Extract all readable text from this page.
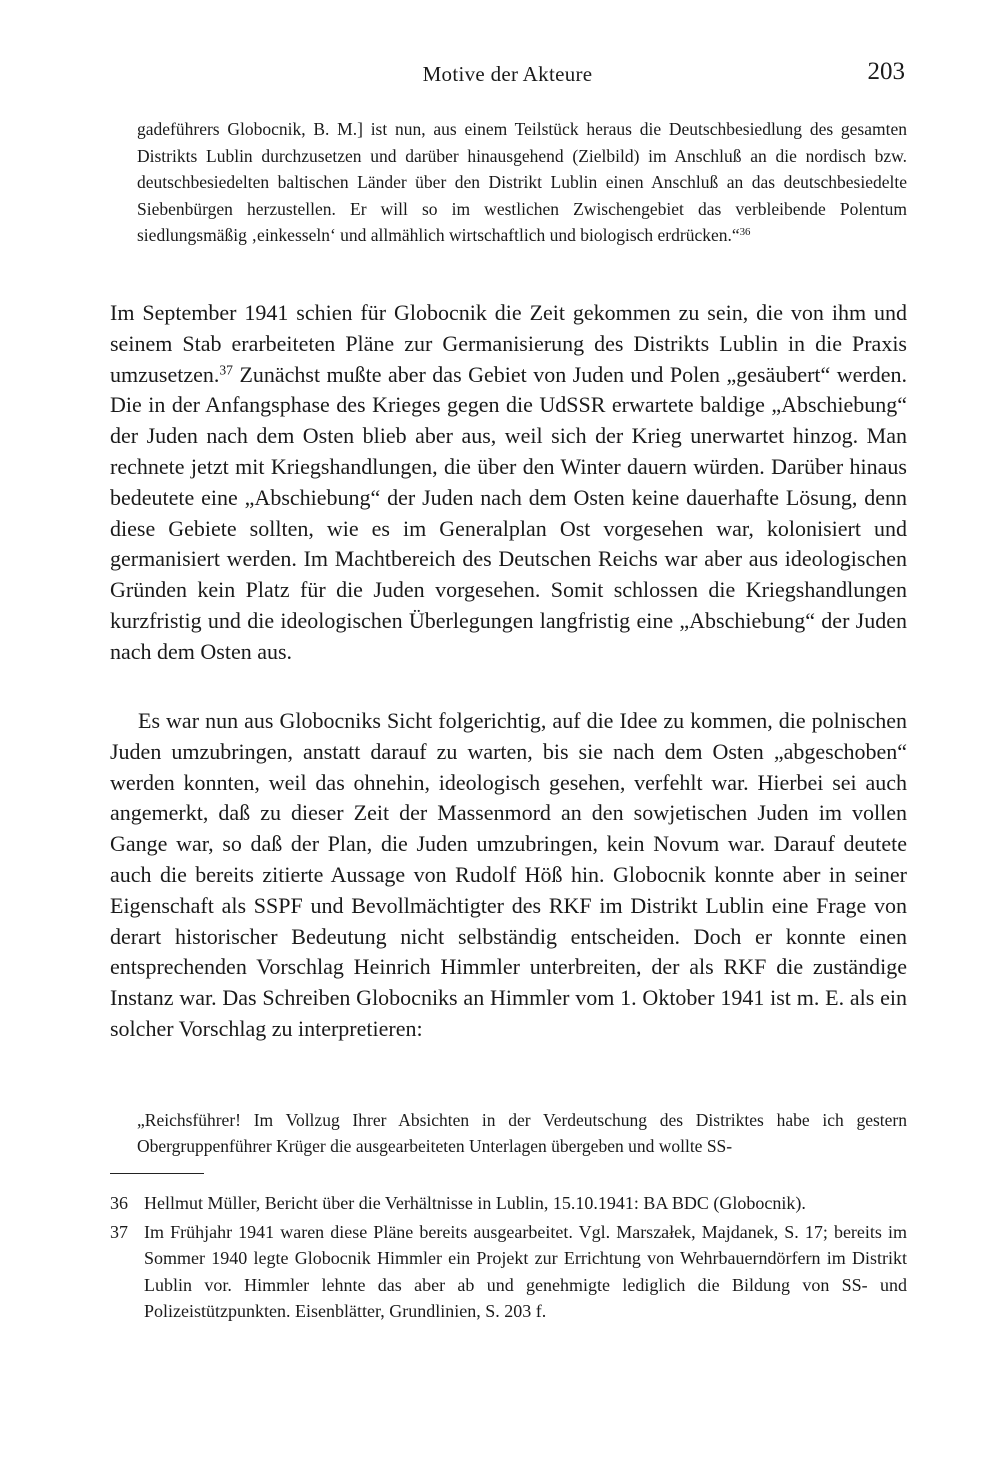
Motive der Akteure	203
gadeführers Globocnik, B. M.] ist nun, aus einem Teilstück heraus die Deutschbesiedlung des gesamten Distrikts Lublin durchzusetzen und darüber hinausgehend (Zielbild) im Anschluß an die nordisch bzw. deutschbesiedelten baltischen Länder über den Distrikt Lublin einen Anschluß an das deutschbesiedelte Siebenbürgen herzustellen. Er will so im westlichen Zwischengebiet das verbleibende Polentum siedlungsmäßig ‚einkesseln‘ und allmählich wirtschaftlich und biologisch erdrücken.“$^{36}$
Im September 1941 schien für Globocnik die Zeit gekommen zu sein, die von ihm und seinem Stab erarbeiteten Pläne zur Germanisierung des Distrikts Lublin in die Praxis umzusetzen.$^{37}$ Zunächst mußte aber das Gebiet von Juden und Polen „gesäubert“ werden. Die in der Anfangsphase des Krieges gegen die UdSSR erwartete baldige „Abschiebung“ der Juden nach dem Osten blieb aber aus, weil sich der Krieg unerwartet hinzog. Man rechnete jetzt mit Kriegshandlungen, die über den Winter dauern würden. Darüber hinaus bedeutete eine „Abschiebung“ der Juden nach dem Osten keine dauerhafte Lösung, denn diese Gebiete sollten, wie es im Generalplan Ost vorgesehen war, kolonisiert und germanisiert werden. Im Machtbereich des Deutschen Reichs war aber aus ideologischen Gründen kein Platz für die Juden vorgesehen. Somit schlossen die Kriegshandlungen kurzfristig und die ideologischen Überlegungen langfristig eine „Abschiebung“ der Juden nach dem Osten aus.
Es war nun aus Globocniks Sicht folgerichtig, auf die Idee zu kommen, die polnischen Juden umzubringen, anstatt darauf zu warten, bis sie nach dem Osten „abgeschoben“ werden konnten, weil das ohnehin, ideologisch gesehen, verfehlt war. Hierbei sei auch angemerkt, daß zu dieser Zeit der Massenmord an den sowjetischen Juden im vollen Gange war, so daß der Plan, die Juden umzubringen, kein Novum war. Darauf deutete auch die bereits zitierte Aussage von Rudolf Höß hin. Globocnik konnte aber in seiner Eigenschaft als SSPF und Bevollmächtigter des RKF im Distrikt Lublin eine Frage von derart historischer Bedeutung nicht selbständig entscheiden. Doch er konnte einen entsprechenden Vorschlag Heinrich Himmler unterbreiten, der als RKF die zuständige Instanz war. Das Schreiben Globocniks an Himmler vom 1. Oktober 1941 ist m. E. als ein solcher Vorschlag zu interpretieren:
„Reichsführer! Im Vollzug Ihrer Absichten in der Verdeutschung des Distriktes habe ich gestern Obergruppenführer Krüger die ausgearbeiteten Unterlagen übergeben und wollte SS-
36 Hellmut Müller, Bericht über die Verhältnisse in Lublin, 15.10.1941: BA BDC (Globocnik).
37 Im Frühjahr 1941 waren diese Pläne bereits ausgearbeitet. Vgl. Marszałek, Majdanek, S. 17; bereits im Sommer 1940 legte Globocnik Himmler ein Projekt zur Errichtung von Wehrbauerndörfern im Distrikt Lublin vor. Himmler lehnte das aber ab und genehmigte lediglich die Bildung von SS- und Polizeistützpunkten. Eisenblätter, Grundlinien, S. 203 f.
